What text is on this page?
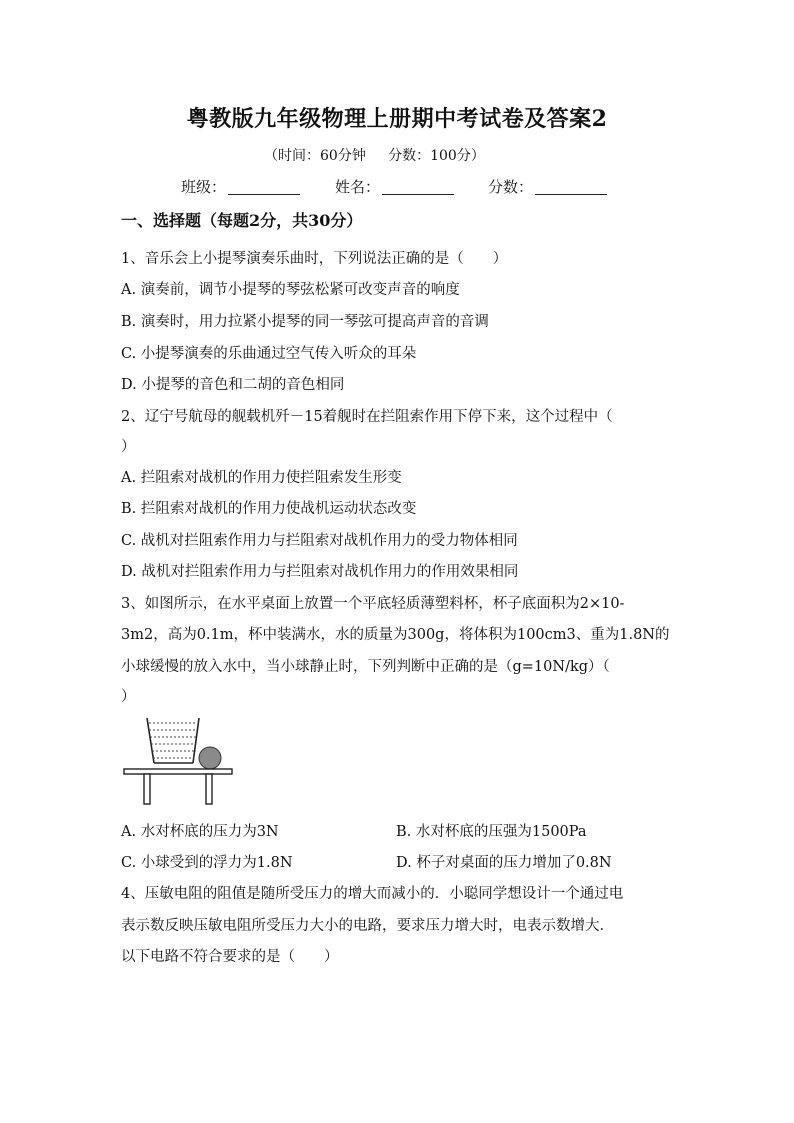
粤教版九年级物理上册期中考试卷及答案2
（时间：60分钟 分数：100分）
班级：	姓名：	分数：
一、选择题（每题2分，共30分）
1、音乐会上小提琴演奏乐曲时，下列说法正确的是（　　）
A. 演奏前，调节小提琴的琴弦松紧可改变声音的响度
B. 演奏时，用力拉紧小提琴的同一琴弦可提高声音的音调
C. 小提琴演奏的乐曲通过空气传入听众的耳朵
D. 小提琴的音色和二胡的音色相同
2、辽宁号航母的舰载机歼－15着舰时在拦阻索作用下停下来，这个过程中（
）
A. 拦阻索对战机的作用力使拦阻索发生形变
B. 拦阻索对战机的作用力使战机运动状态改变
C. 战机对拦阻索作用力与拦阻索对战机作用力的受力物体相同
D. 战机对拦阻索作用力与拦阻索对战机作用力的作用效果相同
3、如图所示，在水平桌面上放置一个平底轻质薄塑料杯，杯子底面积为2×10-
3m2，高为0.1m，杯中装满水，水的质量为300g，将体积为100cm3、重为1.8N的
小球缓慢的放入水中，当小球静止时，下列判断中正确的是（g=10N/kg）（
）
A. 水对杯底的压力为3N	B. 水对杯底的压强为1500Pa
C. 小球受到的浮力为1.8N	D. 杯子对桌面的压力增加了0.8N
4、压敏电阻的阻值是随所受压力的增大而减小的．小聪同学想设计一个通过电
表示数反映压敏电阻所受压力大小的电路，要求压力增大时，电表示数增大．
以下电路不符合要求的是（　　）
